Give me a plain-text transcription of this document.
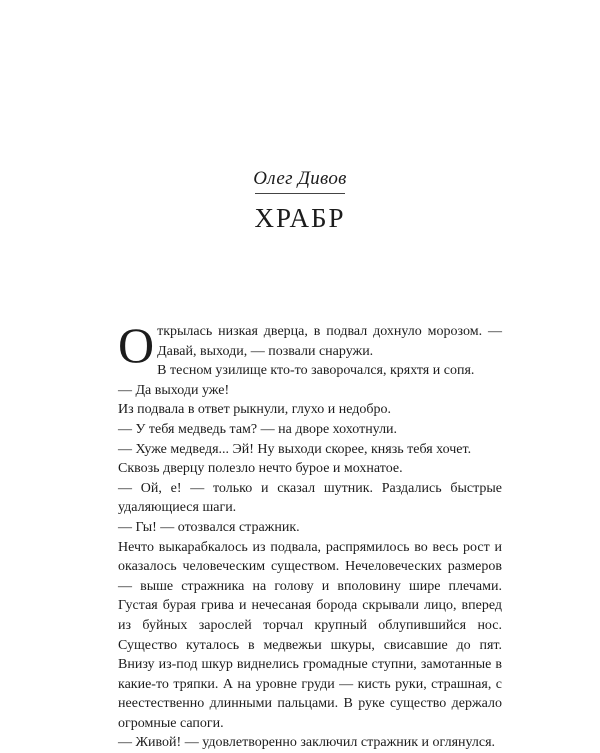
Олег Дивов
ХРАБР

Открылась низкая дверца, в подвал дохнуло морозом. — Давай, выходи, — позвали снаружи.

В тесном узилище кто-то заворочался, кряхтя и сопя.

— Да выходи уже!

Из подвала в ответ рыкнули, глухо и недобро.

— У тебя медведь там? — на дворе хохотнули.

— Хуже медведя... Эй! Ну выходи скорее, князь тебя хочет.

Сквозь дверцу полезло нечто бурое и мохнатое.

— Ой, е! — только и сказал шутник. Раздались быстрые удаляющиеся шаги.

— Гы! — отозвался стражник.

Нечто выкарабкалось из подвала, распрямилось во весь рост и оказалось человеческим существом. Нечеловеческих размеров — выше стражника на голову и вполовину шире плечами. Густая бурая грива и нечесаная борода скрывали лицо, вперед из буйных зарослей торчал крупный облупившийся нос. Существо куталось в медвежьи шкуры, свисавшие до пят. Внизу из-под шкур виднелись громадные ступни, замотанные в какие-то тряпки. А на уровне груди — кисть руки, страшная, с неестественно длинными пальцами. В руке существо держало огромные сапоги.

— Живой! — удовлетворенно заключил стражник и оглянулся.
